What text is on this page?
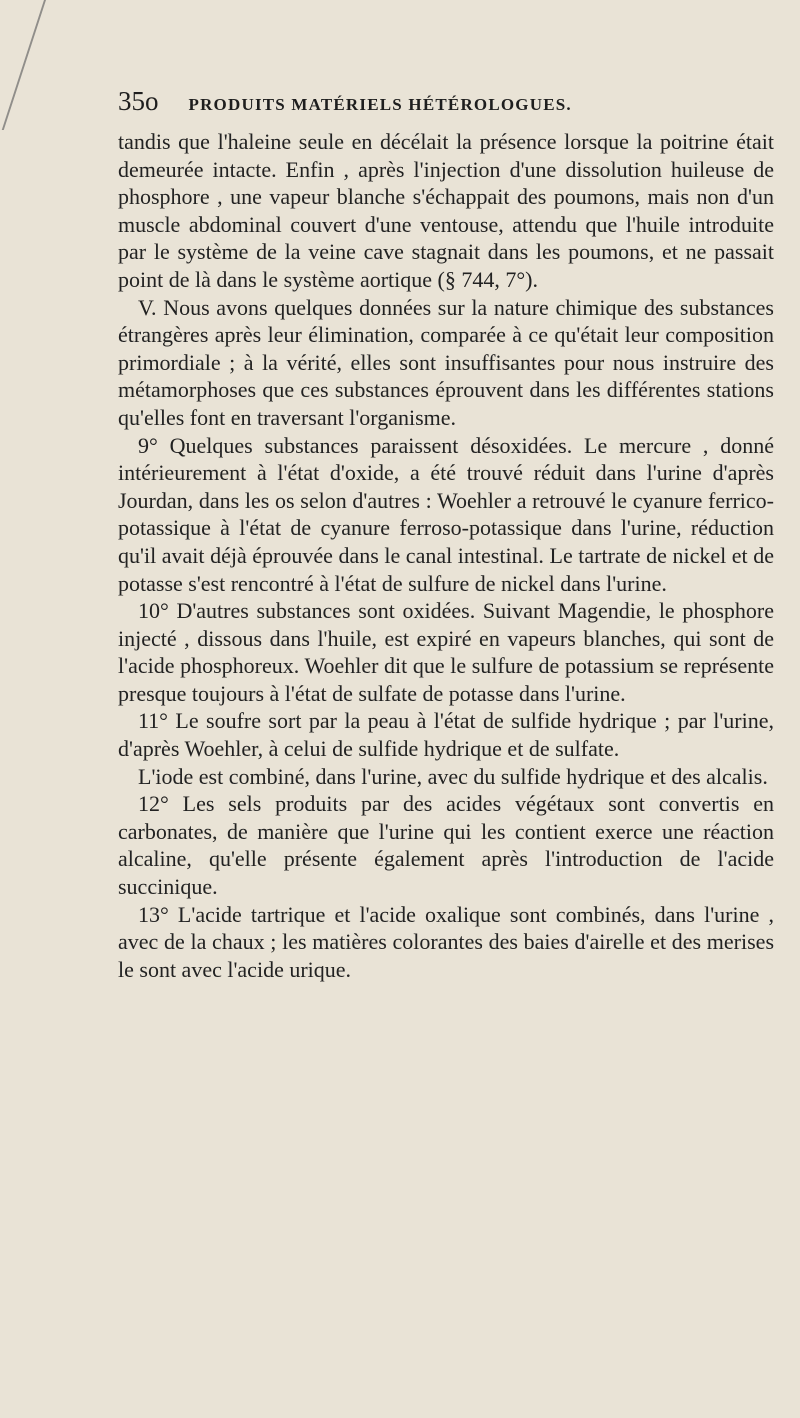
35o PRODUITS MATÉRIELS HÉTÉROLOGUES.

tandis que l'haleine seule en décélait la présence lorsque la poitrine était demeurée intacte. Enfin , après l'injection d'une dissolution huileuse de phosphore , une vapeur blanche s'échappait des poumons, mais non d'un muscle abdominal couvert d'une ventouse, attendu que l'huile introduite par le système de la veine cave stagnait dans les poumons, et ne passait point de là dans le système aortique (§ 744, 7°).

V. Nous avons quelques données sur la nature chimique des substances étrangères après leur élimination, comparée à ce qu'était leur composition primordiale ; à la vérité, elles sont insuffisantes pour nous instruire des métamorphoses que ces substances éprouvent dans les différentes stations qu'elles font en traversant l'organisme.

9° Quelques substances paraissent désoxidées. Le mercure , donné intérieurement à l'état d'oxide, a été trouvé réduit dans l'urine d'après Jourdan, dans les os selon d'autres : Woehler a retrouvé le cyanure ferrico-potassique à l'état de cyanure ferroso-potassique dans l'urine, réduction qu'il avait déjà éprouvée dans le canal intestinal. Le tartrate de nickel et de potasse s'est rencontré à l'état de sulfure de nickel dans l'urine.

10° D'autres substances sont oxidées. Suivant Magendie, le phosphore injecté , dissous dans l'huile, est expiré en vapeurs blanches, qui sont de l'acide phosphoreux. Woehler dit que le sulfure de potassium se représente presque toujours à l'état de sulfate de potasse dans l'urine.

11° Le soufre sort par la peau à l'état de sulfide hydrique ; par l'urine, d'après Woehler, à celui de sulfide hydrique et de sulfate.

L'iode est combiné, dans l'urine, avec du sulfide hydrique et des alcalis.

12° Les sels produits par des acides végétaux sont convertis en carbonates, de manière que l'urine qui les contient exerce une réaction alcaline, qu'elle présente également après l'introduction de l'acide succinique.

13° L'acide tartrique et l'acide oxalique sont combinés, dans l'urine , avec de la chaux ; les matières colorantes des baies d'airelle et des merises le sont avec l'acide urique.
